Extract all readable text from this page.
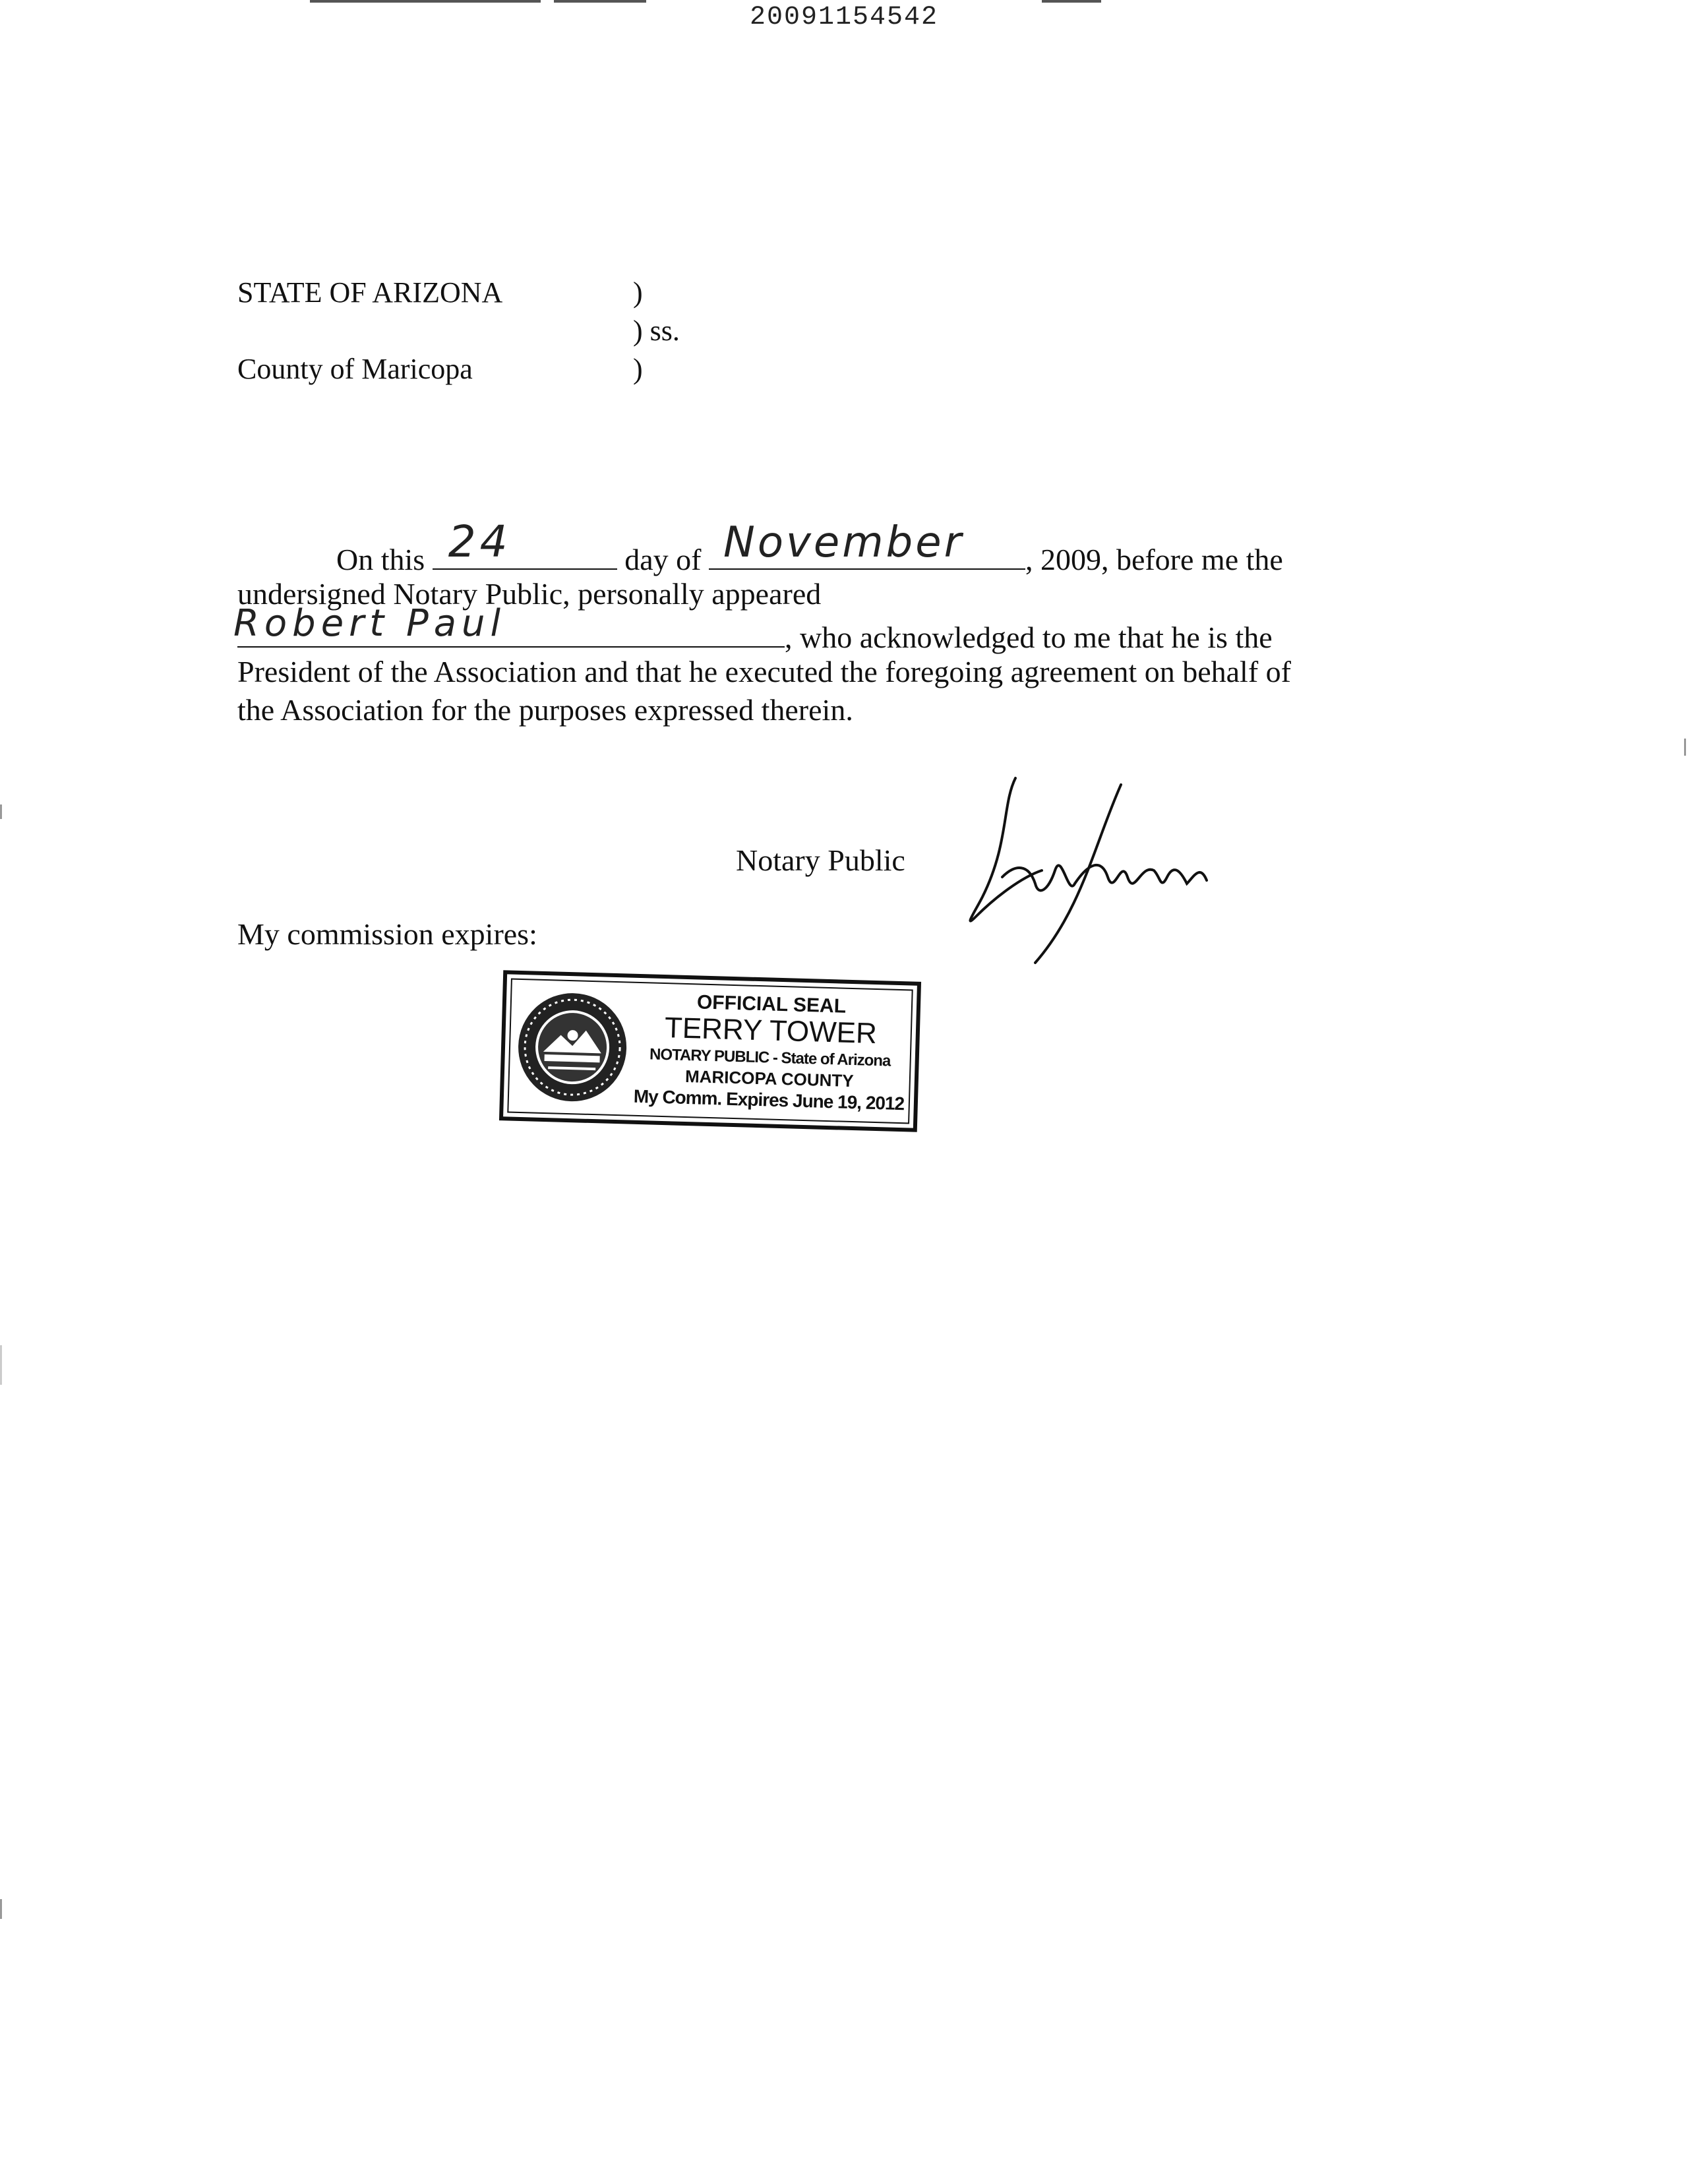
20091154542
STATE OF ARIZONA	)
) ss.
County of Maricopa	)
On this 24	day of November , 2009, before me the
undersigned Notary Public, personally appeared
Robert Paul	, who acknowledged to me that he is the
President of the Association and that he executed the foregoing agreement on behalf of
the Association for the purposes expressed therein.
Notary Public
My commission expires:
OFFICIAL SEAL
TERRY TOWER
NOTARY PUBLIC - State of Arizona
MARICOPA COUNTY
My Comm. Expires June 19, 2012
